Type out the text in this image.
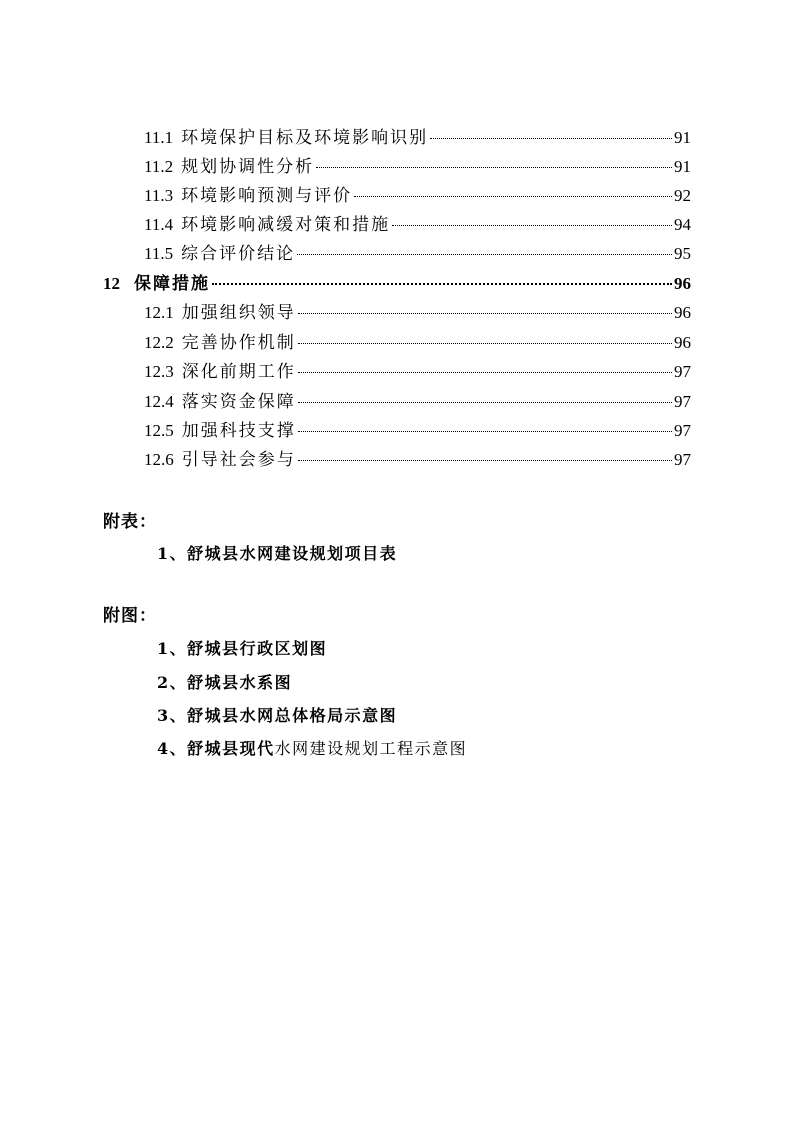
11.1 环境保护目标及环境影响识别	91
11.2 规划协调性分析	91
11.3 环境影响预测与评价	92
11.4 环境影响减缓对策和措施	94
11.5 综合评价结论	95
12 保障措施	96
12.1 加强组织领导	96
12.2 完善协作机制	96
12.3 深化前期工作	97
12.4 落实资金保障	97
12.5 加强科技支撑	97
12.6 引导社会参与	97
附表：
1、舒城县水网建设规划项目表
附图：
1、舒城县行政区划图
2、舒城县水系图
3、舒城县水网总体格局示意图
4、舒城县现代水网建设规划工程示意图
